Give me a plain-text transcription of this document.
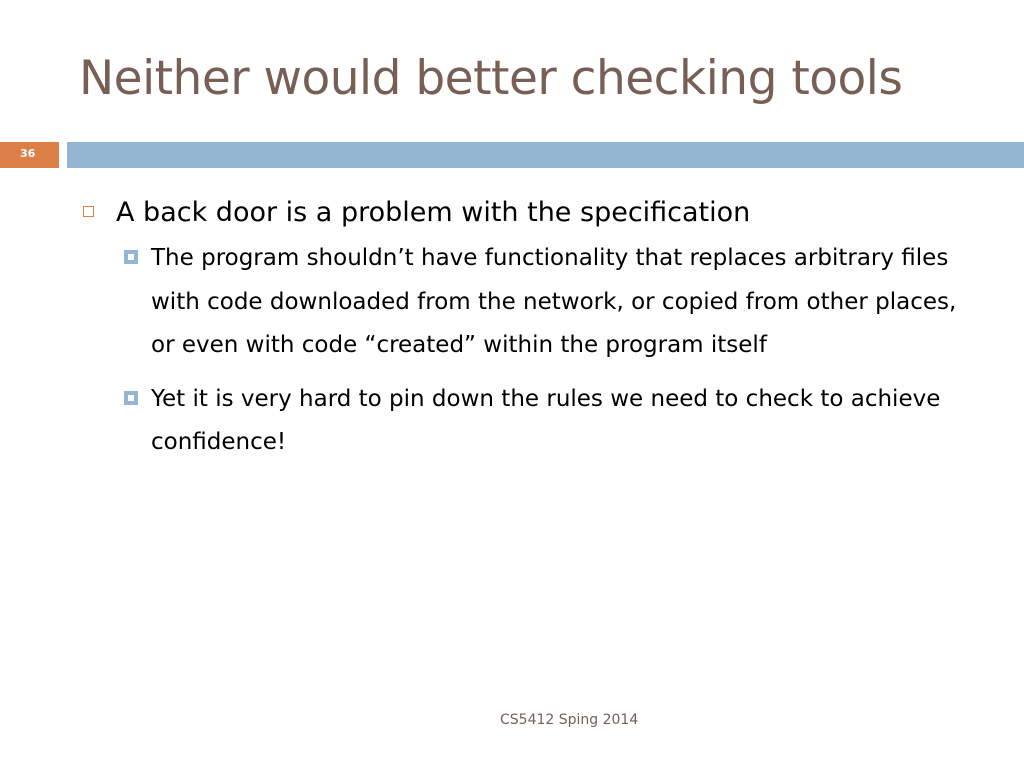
Neither would better checking tools
36
A back door is a problem with the specification
The program shouldn’t have functionality that replaces arbitrary files with code downloaded from the network, or copied from other places, or even with code “created” within the program itself
Yet it is very hard to pin down the rules we need to check to achieve confidence!
CS5412 Sping 2014
